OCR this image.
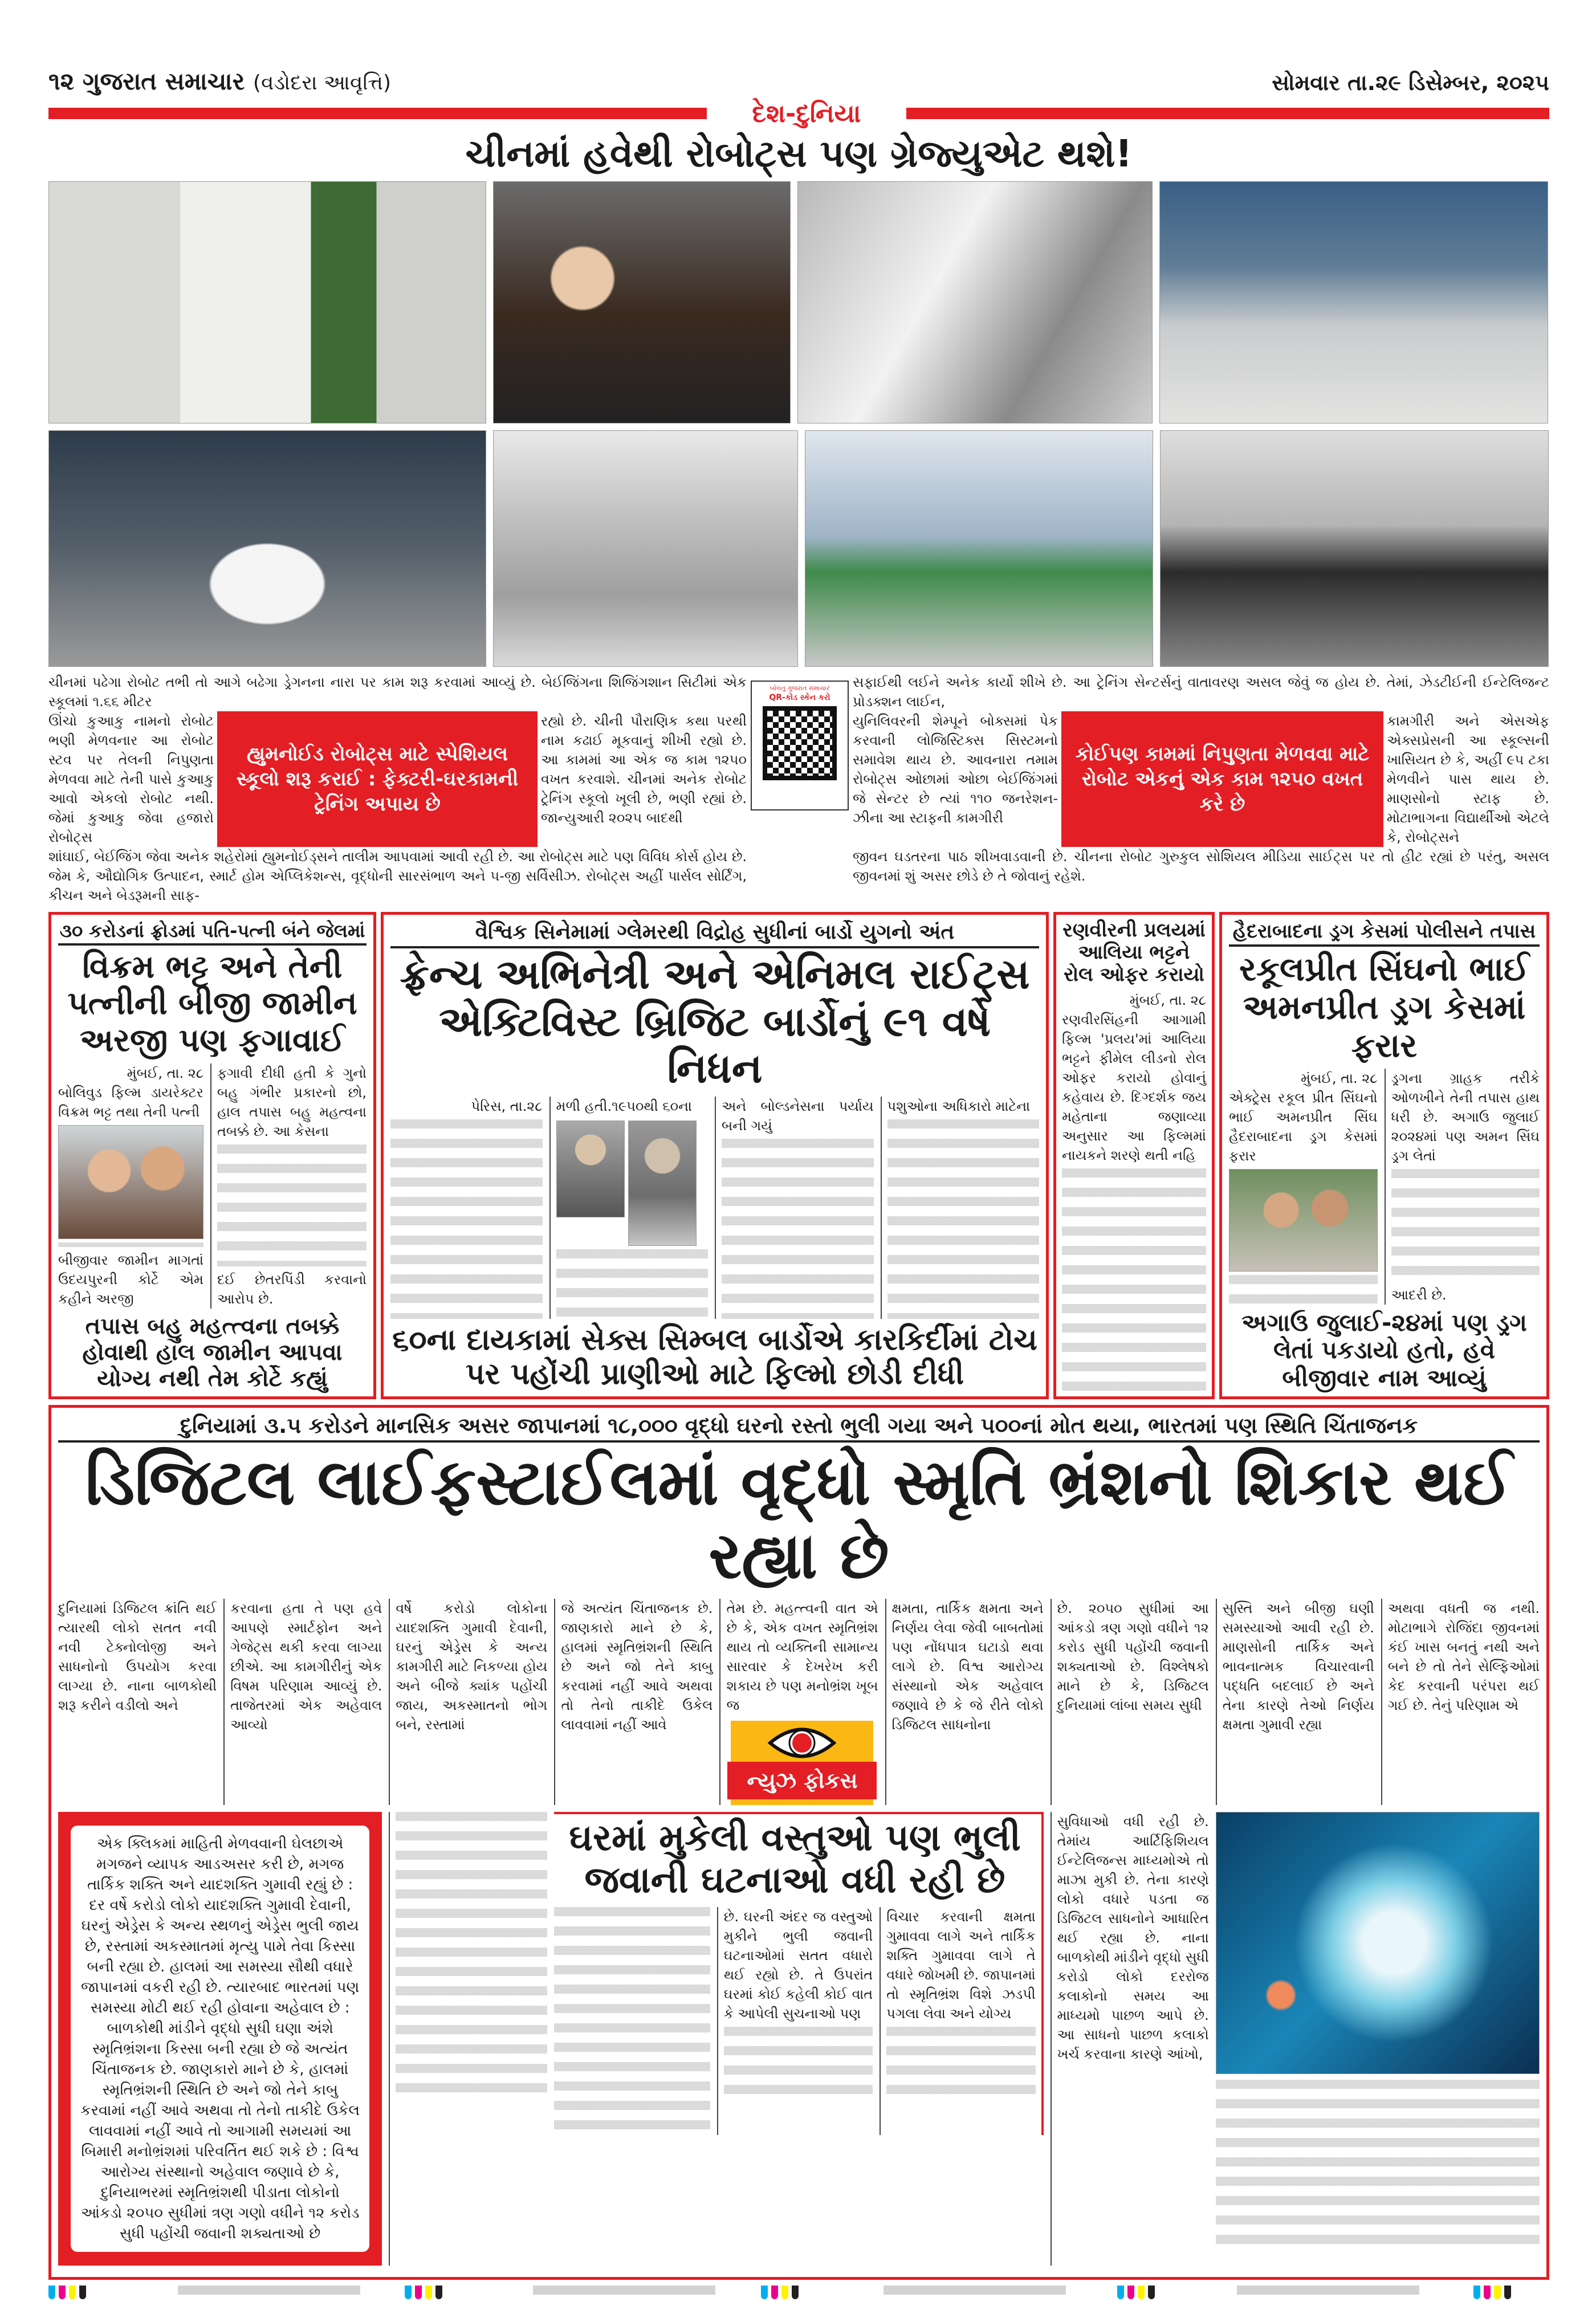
૧૨ ગુજરાત સમાચાર (વડોદરા આવૃત્તિ)	સોમવાર તા.૨૯ ડિસેમ્બર, ૨૦૨૫
દેશ-દુનિયા
ચીનમાં હવેથી રોબોટ્સ પણ ગ્રેજ્યુએટ થશે!
ચીનમાં પઢેગા રોબોટ તભી તો આગે બઢેગા ડ્રેગનના નારા પર કામ શરૂ કરવામાં આવ્યું છે. બેઈજિંગના શિજિંગશાન સિટીમાં એક સ્કૂલમાં ૧.૬૬ મીટર
ઊંચો કુઆકુ નામનો રોબોટ ભણી મેળવનાર આ રોબોટ સ્ટવ પર તેલની નિપુણતા મેળવવા માટે તેની પાસે કુઆકુ આવો એકલો રોબોટ નથી. જેમાં કુઆકુ જેવા હજારો રોબોટ્સ
હ્યુમનોઈડ રોબોટ્સ માટે સ્પેશિયલ સ્કૂલો શરૂ કરાઈ : ફેક્ટરી-ઘરકામની ટ્રેનિંગ અપાય છે
રહ્યો છે. ચીની પૌરાણિક કથા પરથી નામ કઢાઈ મૂકવાનું શીખી રહ્યો છે. આ કામમાં આ એક જ કામ ૧૨૫૦ વખત કરવાશે. ચીનમાં અનેક રોબોટ ટ્રેનિંગ સ્કૂલો ખૂલી છે, ભણી રહ્યાં છે. જાન્યુઆરી ૨૦૨૫ બાદથી
શાંઘાઈ, બેઈજિંગ જેવા અનેક શહેરોમાં હ્યુમનોઈડ્સને તાલીમ આપવામાં આવી રહી છે. આ રોબોટ્સ માટે પણ વિવિધ કોર્સ હોય છે. જેમ કે, ઔદ્યોગિક ઉત્પાદન, સ્માર્ટ હોમ એપ્લિકેશન્સ, વૃદ્ધોની સારસંભાળ અને ૫-જી સર્વિસીઝ. રોબોટ્સ અહીં પાર્સલ સોર્ટિંગ, કીચન અને બેડરૂમની સાફ-
બોલતું ગુજરાત સમાચાર
QR-કોડ સ્કેન કરો
સફાઈથી લઈને અનેક કાર્યો શીખે છે. આ ટ્રેનિંગ સેન્ટર્સનું વાતાવરણ અસલ જેવું જ હોય છે. તેમાં, ઝેડટીઈની ઈન્ટેલિજન્ટ પ્રોડક્શન લાઈન,
યુનિલિવરની શેમ્પૂને બોક્સમાં પેક કરવાની લોજિસ્ટિક્સ સિસ્ટમનો સમાવેશ થાય છે. આવનારા તમામ રોબોટ્સ ઓછામાં ઓછા બેઈજિંગમાં જે સેન્ટર છે ત્યાં ૧૧૦ જનરેશન-ઝીના આ સ્ટાફની કામગીરી
કોઈપણ કામમાં નિપુણતા મેળવવા માટે રોબોટ એકનું એક કામ ૧૨૫૦ વખત કરે છે
કામગીરી અને એસએફ એક્સપ્રેસની આ સ્કૂલ્સની ખાસિયત છે કે, અહીં ૯૫ ટકા મેળવીને પાસ થાય છે. માણસોનો સ્ટાફ છે. મોટાભાગના વિદ્યાર્થીઓ એટલે કે, રોબોટ્સને
જીવન ઘડતરના પાઠ શીખવાડવાની છે. ચીનના રોબોટ ગુરુકુલ સોશિયલ મીડિયા સાઈટ્સ પર તો હીટ રહ્યાં છે પરંતુ, અસલ જીવનમાં શું અસર છોડે છે તે જોવાનું રહેશે.
૩૦ કરોડનાં ફ્રોડમાં પતિ-પત્ની બંને જેલમાં
વિક્રમ ભટ્ટ અને તેની પત્નીની બીજી જામીન અરજી પણ ફગાવાઈ
મુંબઈ, તા. ૨૮
બોલિવુડ ફિલ્મ ડાયરેક્ટર વિક્રમ ભટ્ટ તથા તેની પત્ની
બીજીવાર જામીન માગતાં ઉદયપુરની કોર્ટે એમ કહીને અરજી
ફગાવી દીધી હતી કે ગુનો બહુ ગંભીર પ્રકારનો છો, હાલ તપાસ બહુ મહત્વના તબક્કે છે. આ કેસના
દઈ છેતરપિંડી કરવાનો આરોપ છે.
તપાસ બહુ મહત્ત્વના તબક્કે હોવાથી હાલ જામીન આપવા યોગ્ય નથી તેમ કોર્ટે કહ્યું
વૈશ્વિક સિનેમામાં ગ્લેમરથી વિદ્રોહ સુધીનાં બાર્ડો યુગનો અંત
ફ્રેન્ચ અભિનેત્રી અને એનિમલ રાઈટ્સ એક્ટિવિસ્ટ બ્રિજિટ બાર્ડોનું ૯૧ વર્ષે નિધન
પેરિસ, તા.૨૮ મળી હતી.૧૯૫૦થી ૬૦ના	અને બોલ્ડનેસના પર્યાય બની ગયું
પશુઓના અધિકારો માટેના
૬૦ના દાયકામાં સેક્સ સિમ્બલ બાર્ડોએ કારકિર્દીમાં ટોચ પર પહોંચી પ્રાણીઓ માટે ફિલ્મો છોડી દીધી
રણવીરની પ્રલયમાં આલિયા ભટ્ટને રોલ ઓફર કરાયો
મુંબઈ, તા. ૨૮
રણવીરસિંહની આગામી ફિલ્મ 'પ્રલય'માં આલિયા ભટ્ટને ફીમેલ લીડનો રોલ ઓફર કરાયો હોવાનું કહેવાય છે. દિગ્દર્શક જય મહેતાના જણાવ્યા અનુસાર આ ફિલ્મમાં નાયકને શરણે થતી નહિ
હૈદરાબાદના ડ્રગ કેસમાં પોલીસને તપાસ
રકૂલપ્રીત સિંઘનો ભાઈ અમનપ્રીત ડ્રગ કેસમાં ફરાર
મુંબઈ, તા. ૨૮
એક્ટ્રેસ રકૂલ પ્રીત સિંઘનો ભાઈ અમનપ્રીત સિંઘ હૈદરાબાદના ડ્રગ કેસમાં ફરાર
ડ્રગના ગ્રાહક તરીકે ઓળખીને તેની તપાસ હાથ ધરી છે. અગાઉ જુલાઈ ૨૦૨૪માં પણ અમન સિંઘ ડ્રગ લેતાં
આદરી છે.
અગાઉ જુલાઈ-૨૪માં પણ ડ્રગ લેતાં પકડાયો હતો, હવે બીજીવાર નામ આવ્યું
દુનિયામાં ૩.૫ કરોડને માનસિક અસર જાપાનમાં ૧૮,૦૦૦ વૃદ્ધો ઘરનો રસ્તો ભુલી ગયા અને ૫૦૦નાં મોત થયા, ભારતમાં પણ સ્થિતિ ચિંતાજનક
ડિજિટલ લાઈફસ્ટાઈલમાં વૃદ્ધો સ્મૃતિ ભ્રંશનો શિકાર થઈ રહ્યા છે
દુનિયામાં ડિજિટલ ક્રાંતિ થઈ ત્યારથી લોકો સતત નવી નવી ટેક્નોલોજી અને સાધનોનો ઉપયોગ કરવા લાગ્યા છે. નાના બાળકોથી શરૂ કરીને વડીલો અને
કરવાના હતા તે પણ હવે આપણે સ્માર્ટફોન અને ગેજેટ્સ થકી કરવા લાગ્યા છીએ. આ કામગીરીનું એક વિષમ પરિણામ આવ્યું છે. તાજેતરમાં એક અહેવાલ આવ્યો
વર્ષે કરોડો લોકોના યાદશક્તિ ગુમાવી દેવાની, ઘરનું એડ્રેસ કે અન્ય કામગીરી માટે નિકળ્યા હોય અને બીજે ક્યાંક પહોંચી જાય, અકસ્માતનો ભોગ બને, રસ્તામાં
જે અત્યંત ચિંતાજનક છે. જાણકારો માને છે કે, હાલમાં સ્મૃતિભ્રંશની સ્થિતિ છે અને જો તેને કાબુ કરવામાં નહીં આવે અથવા તો તેનો તાકીદે ઉકેલ લાવવામાં નહીં આવે
તેમ છે. મહત્ત્વની વાત એ છે કે, એક વખત સ્મૃતિભ્રંશ થાય તો વ્યક્તિની સામાન્ય સારવાર કે દેખરેખ કરી શકાય છે પણ મનોભ્રંશ ખૂબ જ
ન્યુઝ ફોકસ
ક્ષમતા, તાર્કિક ક્ષમતા અને નિર્ણય લેવા જેવી બાબતોમાં પણ નોંધપાત્ર ઘટાડો થવા લાગે છે. વિશ્વ આરોગ્ય સંસ્થાનો એક અહેવાલ જણાવે છે કે જે રીતે લોકો ડિજિટલ સાધનોના
છે. ૨૦૫૦ સુધીમાં આ આંકડો ત્રણ ગણો વધીને ૧૨ કરોડ સુધી પહોંચી જવાની શક્યતાઓ છે. વિશ્લેષકો માને છે કે, ડિજિટલ દુનિયામાં લાંબા સમય સુધી
સુસ્તિ અને બીજી ઘણી સમસ્યાઓ આવી રહી છે. માણસોની તાર્કિક અને ભાવનાત્મક વિચારવાની પદ્ધતિ બદલાઈ છે અને તેના કારણે તેઓ નિર્ણય ક્ષમતા ગુમાવી રહ્યા
અથવા વધતી જ નથી. મોટાભાગે રોજિંદા જીવનમાં કંઈ ખાસ બનતું નથી અને બને છે તો તેને સેલ્ફિઓમાં કેદ કરવાની પરંપરા થઈ ગઈ છે. તેનું પરિણામ એ
એક ક્લિકમાં માહિતી મેળવવાની ઘેલછાએ મગજને વ્યાપક આડઅસર કરી છે, મગજ તાર્કિક શક્તિ અને યાદશક્તિ ગુમાવી રહ્યું છે : દર વર્ષે કરોડો લોકો યાદશક્તિ ગુમાવી દેવાની, ઘરનું એડ્રેસ કે અન્ય સ્થળનું એડ્રેસ ભુલી જાય છે, રસ્તામાં અકસ્માતમાં મૃત્યુ પામે તેવા કિસ્સા બની રહ્યા છે. હાલમાં આ સમસ્યા સૌથી વધારે જાપાનમાં વકરી રહી છે. ત્યારબાદ ભારતમાં પણ સમસ્યા મોટી થઈ રહી હોવાના અહેવાલ છે : બાળકોથી માંડીને વૃદ્ધો સુધી ઘણા અંશે સ્મૃતિભ્રંશના કિસ્સા બની રહ્યા છે જે અત્યંત ચિંતાજનક છે. જાણકારો માને છે કે, હાલમાં સ્મૃતિભ્રંશની સ્થિતિ છે અને જો તેને કાબુ કરવામાં નહીં આવે અથવા તો તેનો તાકીદે ઉકેલ લાવવામાં નહીં આવે તો આગામી સમયમાં આ બિમારી મનોભ્રંશમાં પરિવર્તિત થઈ શકે છે : વિશ્વ આરોગ્ય સંસ્થાનો અહેવાલ જણાવે છે કે, દુનિયાભરમાં સ્મૃતિભ્રંશથી પીડાતા લોકોનો આંકડો ૨૦૫૦ સુધીમાં ત્રણ ગણો વધીને ૧૨ કરોડ સુધી પહોંચી જવાની શક્યતાઓ છે
ઘરમાં મુકેલી વસ્તુઓ પણ ભુલી જવાની ઘટનાઓ વધી રહી છે
છે. ઘરની અંદર જ વસ્તુઓ મુકીને ભુલી જવાની ઘટનાઓમાં સતત વધારો થઈ રહ્યો છે. તે ઉપરાંત ઘરમાં કોઈ કહેલી કોઈ વાત કે આપેલી સુચનાઓ પણ
વિચાર કરવાની ક્ષમતા ગુમાવવા લાગે અને તાર્કિક શક્તિ ગુમાવવા લાગે તે વધારે જોખમી છે. જાપાનમાં તો સ્મૃતિભ્રંશ વિશે ઝડપી પગલા લેવા અને યોગ્ય
સુવિધાઓ વધી રહી છે. તેમાંય આર્ટિફિશિયલ ઈન્ટેલિજન્સ માધ્યમોએ તો માઝા મુકી છે. તેના કારણે લોકો વધારે પડતા જ ડિજિટલ સાધનોને આધારિત થઈ રહ્યા છે. નાના બાળકોથી માંડીને વૃદ્ધો સુધી કરોડો લોકો દરરોજ કલાકોનો સમય આ માધ્યમો પાછળ આપે છે. આ સાધનો પાછળ કલાકો ખર્ચ કરવાના કારણે આંખો,
